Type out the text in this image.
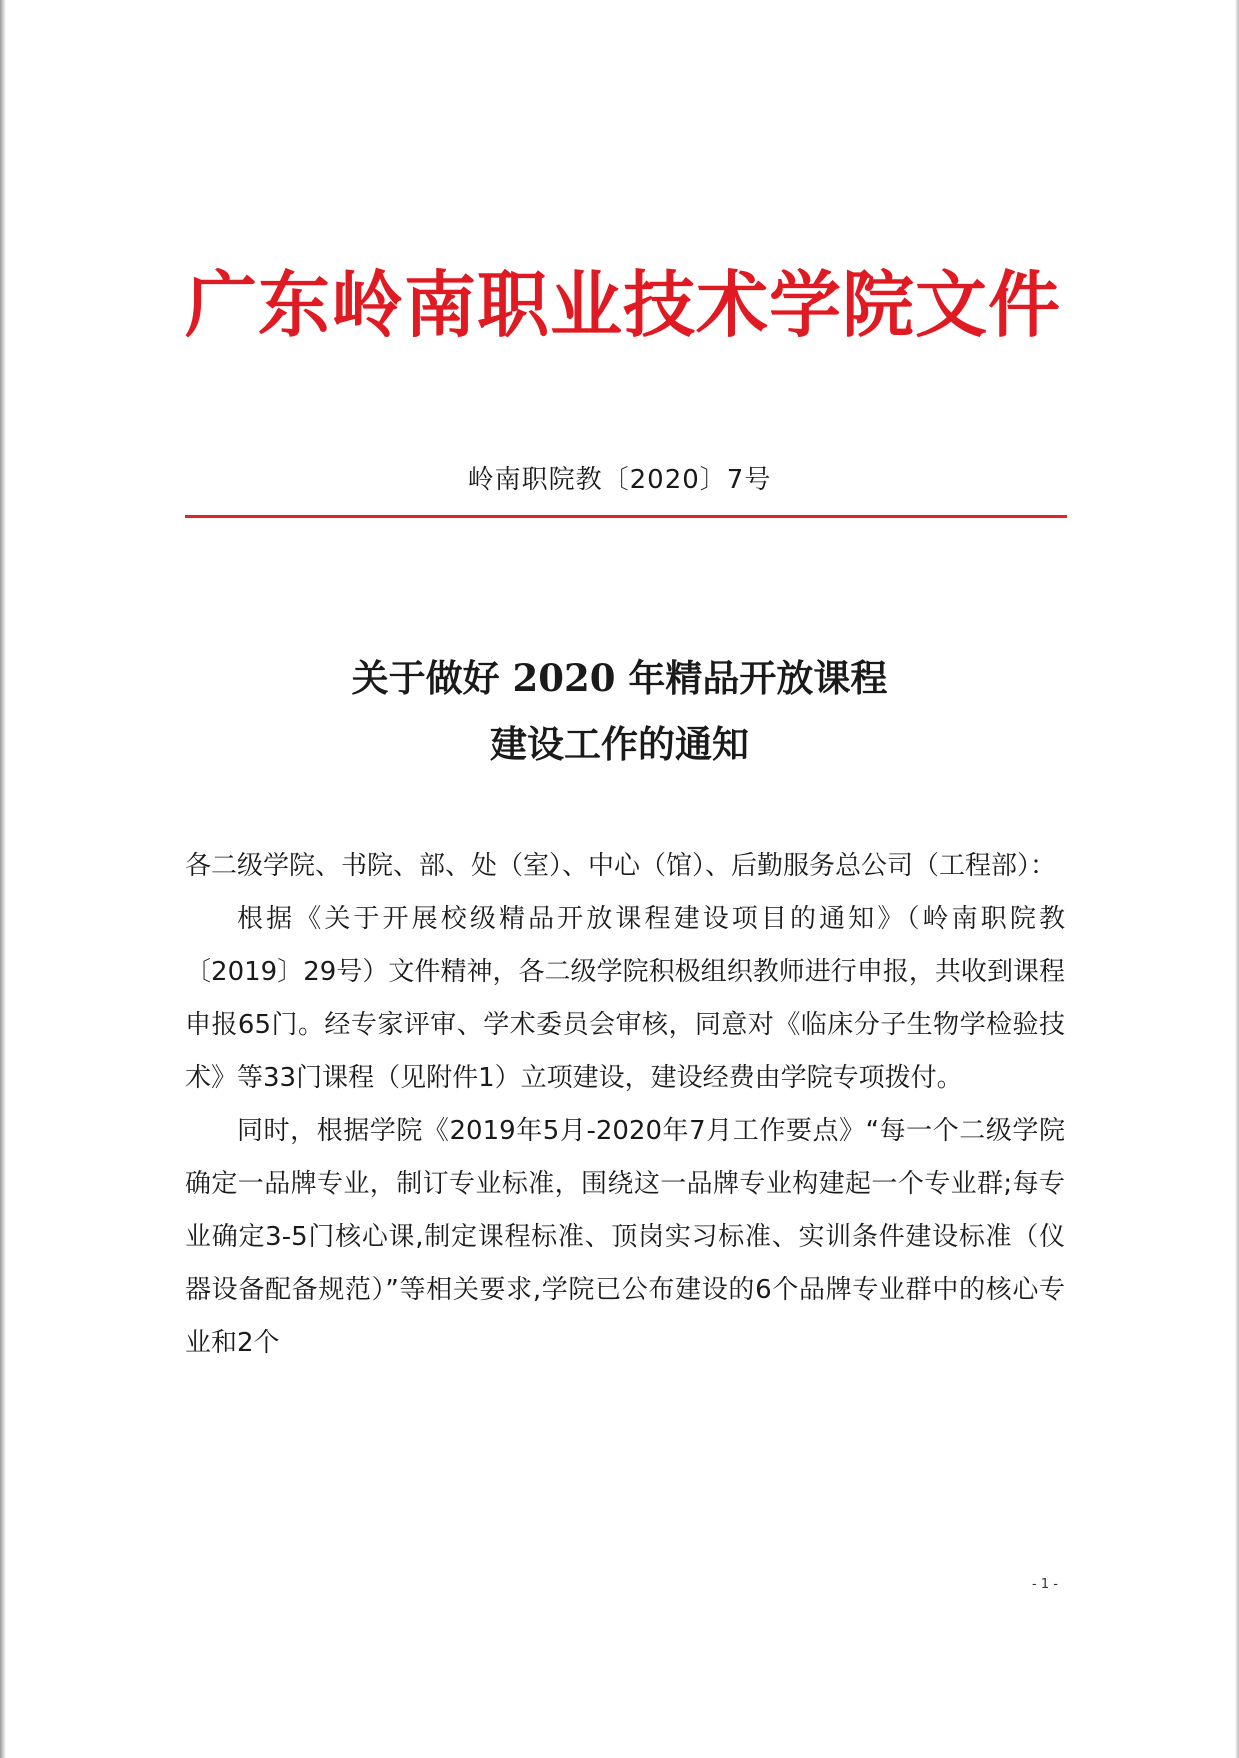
广东岭南职业技术学院文件
岭南职院教〔2020〕7号
关于做好 2020 年精品开放课程
建设工作的通知

各二级学院、书院、部、处（室）、中心（馆）、后勤服务总公司（工程部）：

根据《关于开展校级精品开放课程建设项目的通知》（岭南职院教〔2019〕29号）文件精神，各二级学院积极组织教师进行申报，共收到课程申报65门。经专家评审、学术委员会审核，同意对《临床分子生物学检验技术》等33门课程（见附件1）立项建设，建设经费由学院专项拨付。

同时，根据学院《2019年5月-2020年7月工作要点》“每一个二级学院确定一品牌专业，制订专业标准，围绕这一品牌专业构建起一个专业群;每专业确定3-5门核心课,制定课程标准、顶岗实习标准、实训条件建设标准（仪器设备配备规范）”等相关要求,学院已公布建设的6个品牌专业群中的核心专业和2个

- 1 -
